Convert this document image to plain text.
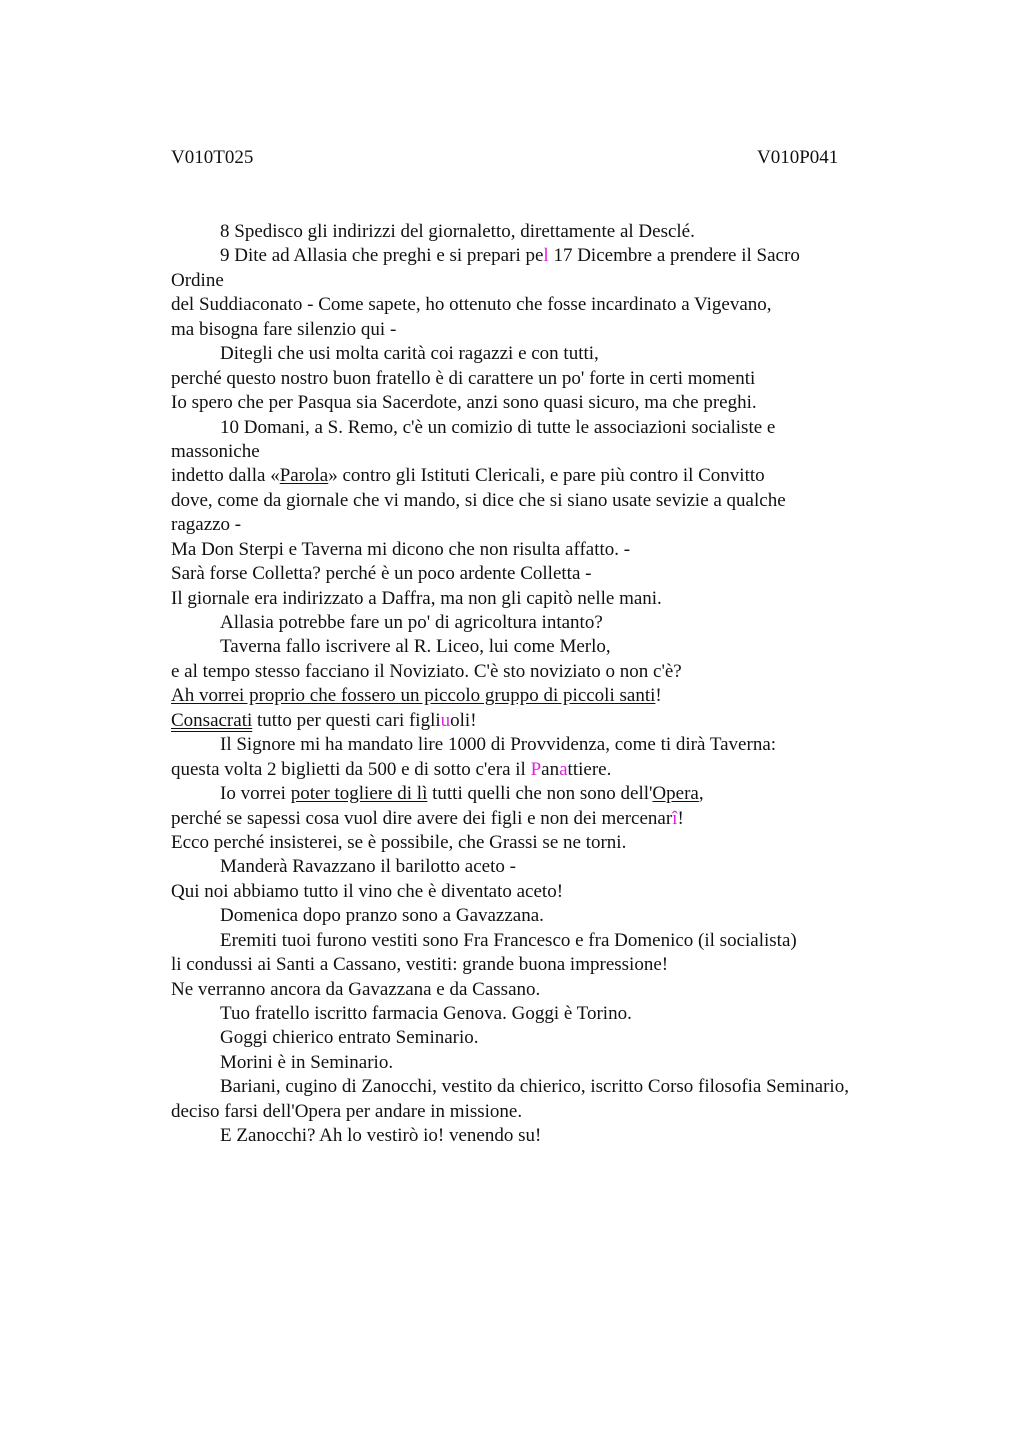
V010T025	V010P041
8 Spedisco gli indirizzi del giornaletto, direttamente al Desclé.
9 Dite ad Allasia che preghi e si prepari pel 17 Dicembre a prendere il Sacro
Ordine
del Suddiaconato - Come sapete, ho ottenuto che fosse incardinato a Vigevano,
ma bisogna fare silenzio qui -
Ditegli che usi molta carità coi ragazzi e con tutti,
perché questo nostro buon fratello è di carattere un po' forte in certi momenti
Io spero che per Pasqua sia Sacerdote, anzi sono quasi sicuro, ma che preghi.
10 Domani, a S. Remo, c'è un comizio di tutte le associazioni socialiste e
massoniche
indetto dalla «Parola» contro gli Istituti Clericali, e pare più contro il Convitto
dove, come da giornale che vi mando, si dice che si siano usate sevizie a qualche
ragazzo -
Ma Don Sterpi e Taverna mi dicono che non risulta affatto. -
Sarà forse Colletta? perché è un poco ardente Colletta -
Il giornale era indirizzato a Daffra, ma non gli capitò nelle mani.
Allasia potrebbe fare un po' di agricoltura intanto?
Taverna fallo iscrivere al R. Liceo, lui come Merlo,
e al tempo stesso facciano il Noviziato. C'è sto noviziato o non c'è?
Ah vorrei proprio che fossero un piccolo gruppo di piccoli santi!
Consacrati tutto per questi cari figliuoli!
Il Signore mi ha mandato lire 1000 di Provvidenza, come ti dirà Taverna:
questa volta 2 biglietti da 500 e di sotto c'era il Panattiere.
Io vorrei poter togliere di lì tutti quelli che non sono dell'Opera,
perché se sapessi cosa vuol dire avere dei figli e non dei mercenarî!
Ecco perché insisterei, se è possibile, che Grassi se ne torni.
Manderà Ravazzano il barilotto aceto -
Qui noi abbiamo tutto il vino che è diventato aceto!
Domenica dopo pranzo sono a Gavazzana.
Eremiti tuoi furono vestiti sono Fra Francesco e fra Domenico (il socialista)
li condussi ai Santi a Cassano, vestiti: grande buona impressione!
Ne verranno ancora da Gavazzana e da Cassano.
Tuo fratello iscritto farmacia Genova. Goggi è Torino.
Goggi chierico entrato Seminario.
Morini è in Seminario.
Bariani, cugino di Zanocchi, vestito da chierico, iscritto Corso filosofia Seminario,
deciso farsi dell'Opera per andare in missione.
E Zanocchi? Ah lo vestirò io! venendo su!
